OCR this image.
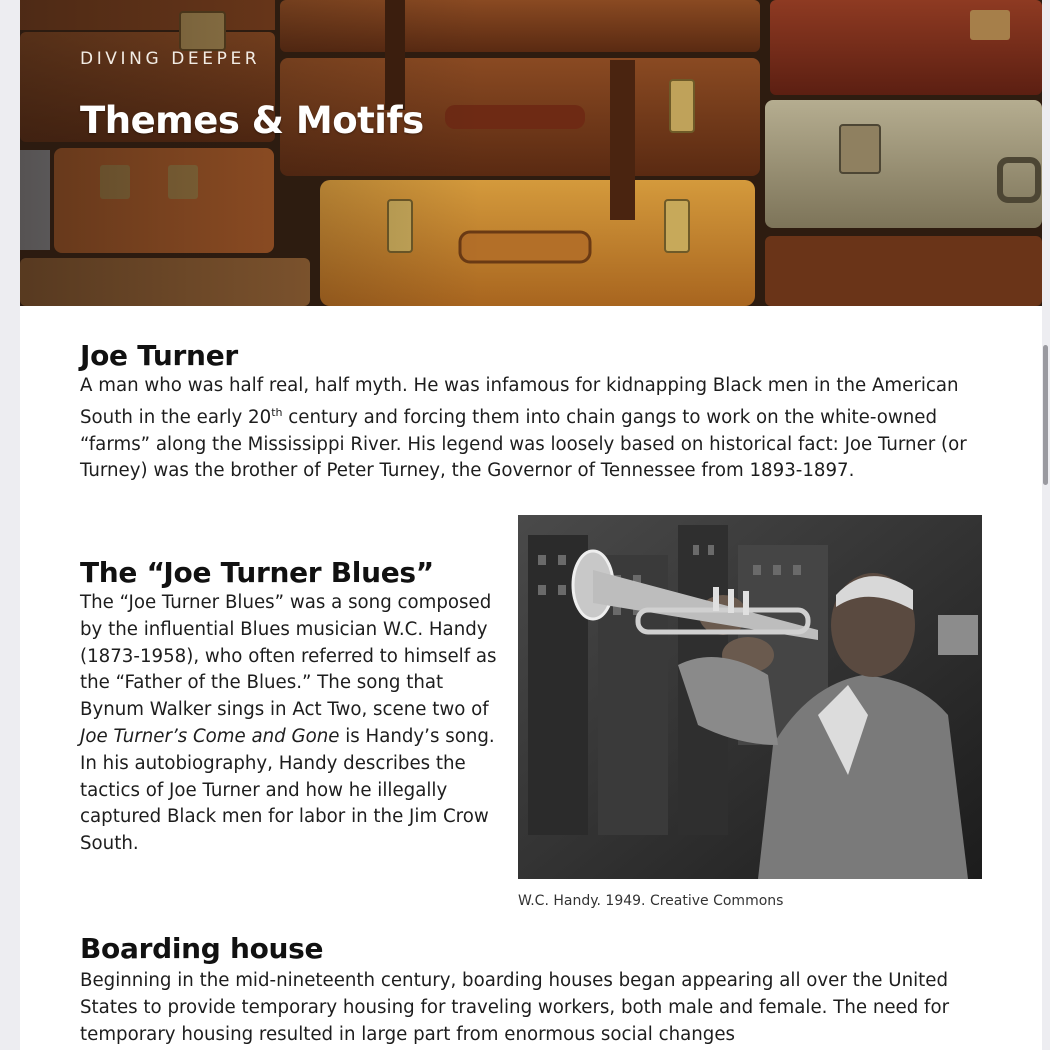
DIVING DEEPER
Themes & Motifs
Joe Turner

A man who was half real, half myth. He was infamous for kidnapping Black men in the American South in the early 20th century and forcing them into chain gangs to work on the white-owned “farms” along the Mississippi River. His legend was loosely based on historical fact: Joe Turner (or Turney) was the brother of Peter Turney, the Governor of Tennessee from 1893-1897.

The “Joe Turner Blues”

The “Joe Turner Blues” was a song composed by the influential Blues musician W.C. Handy (1873-1958), who often referred to himself as the “Father of the Blues.” The song that Bynum Walker sings in Act Two, scene two of Joe Turner’s Come and Gone is Handy’s song. In his autobiography, Handy describes the tactics of Joe Turner and how he illegally captured Black men for labor in the Jim Crow South.

W.C. Handy. 1949. Creative Commons
Boarding house

Beginning in the mid-nineteenth century, boarding houses began appearing all over the United States to provide temporary housing for traveling workers, both male and female. The need for temporary housing resulted in large part from enormous social changes
